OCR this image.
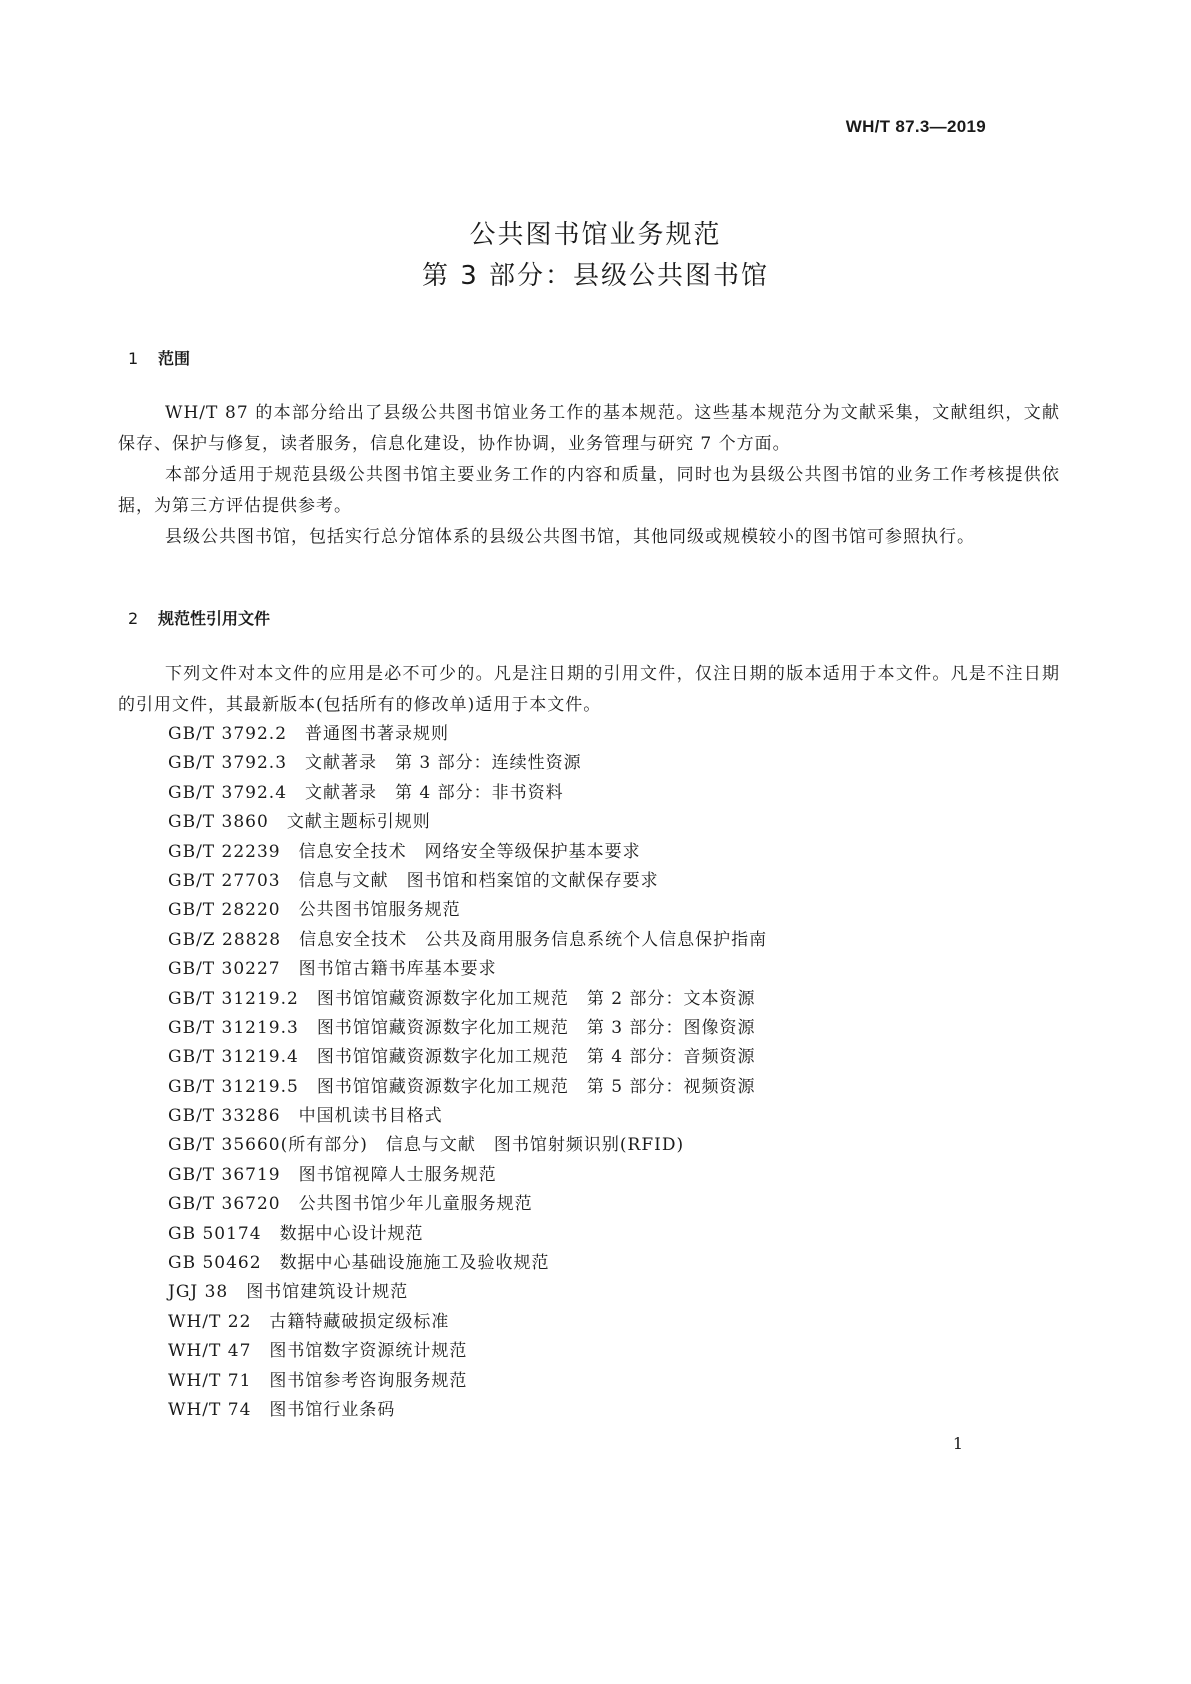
WH/T 87.3—2019
公共图书馆业务规范
第 3 部分：县级公共图书馆
1 范围

WH/T 87 的本部分给出了县级公共图书馆业务工作的基本规范。这些基本规范分为文献采集，文献组织，文献保存、保护与修复，读者服务，信息化建设，协作协调，业务管理与研究 7 个方面。

本部分适用于规范县级公共图书馆主要业务工作的内容和质量，同时也为县级公共图书馆的业务工作考核提供依据，为第三方评估提供参考。

县级公共图书馆，包括实行总分馆体系的县级公共图书馆，其他同级或规模较小的图书馆可参照执行。

2 规范性引用文件

下列文件对本文件的应用是必不可少的。凡是注日期的引用文件，仅注日期的版本适用于本文件。凡是不注日期的引用文件，其最新版本(包括所有的修改单)适用于本文件。

GB/T 3792.2 普通图书著录规则
GB/T 3792.3 文献著录　第 3 部分：连续性资源
GB/T 3792.4 文献著录　第 4 部分：非书资料
GB/T 3860 文献主题标引规则
GB/T 22239 信息安全技术　网络安全等级保护基本要求
GB/T 27703 信息与文献　图书馆和档案馆的文献保存要求
GB/T 28220 公共图书馆服务规范
GB/Z 28828 信息安全技术　公共及商用服务信息系统个人信息保护指南
GB/T 30227 图书馆古籍书库基本要求
GB/T 31219.2 图书馆馆藏资源数字化加工规范　第 2 部分：文本资源
GB/T 31219.3 图书馆馆藏资源数字化加工规范　第 3 部分：图像资源
GB/T 31219.4 图书馆馆藏资源数字化加工规范　第 4 部分：音频资源
GB/T 31219.5 图书馆馆藏资源数字化加工规范　第 5 部分：视频资源
GB/T 33286 中国机读书目格式
GB/T 35660(所有部分) 信息与文献　图书馆射频识别(RFID)
GB/T 36719 图书馆视障人士服务规范
GB/T 36720 公共图书馆少年儿童服务规范
GB 50174 数据中心设计规范
GB 50462 数据中心基础设施施工及验收规范
JGJ 38 图书馆建筑设计规范
WH/T 22 古籍特藏破损定级标准
WH/T 47 图书馆数字资源统计规范
WH/T 71 图书馆参考咨询服务规范
WH/T 74 图书馆行业条码
1
